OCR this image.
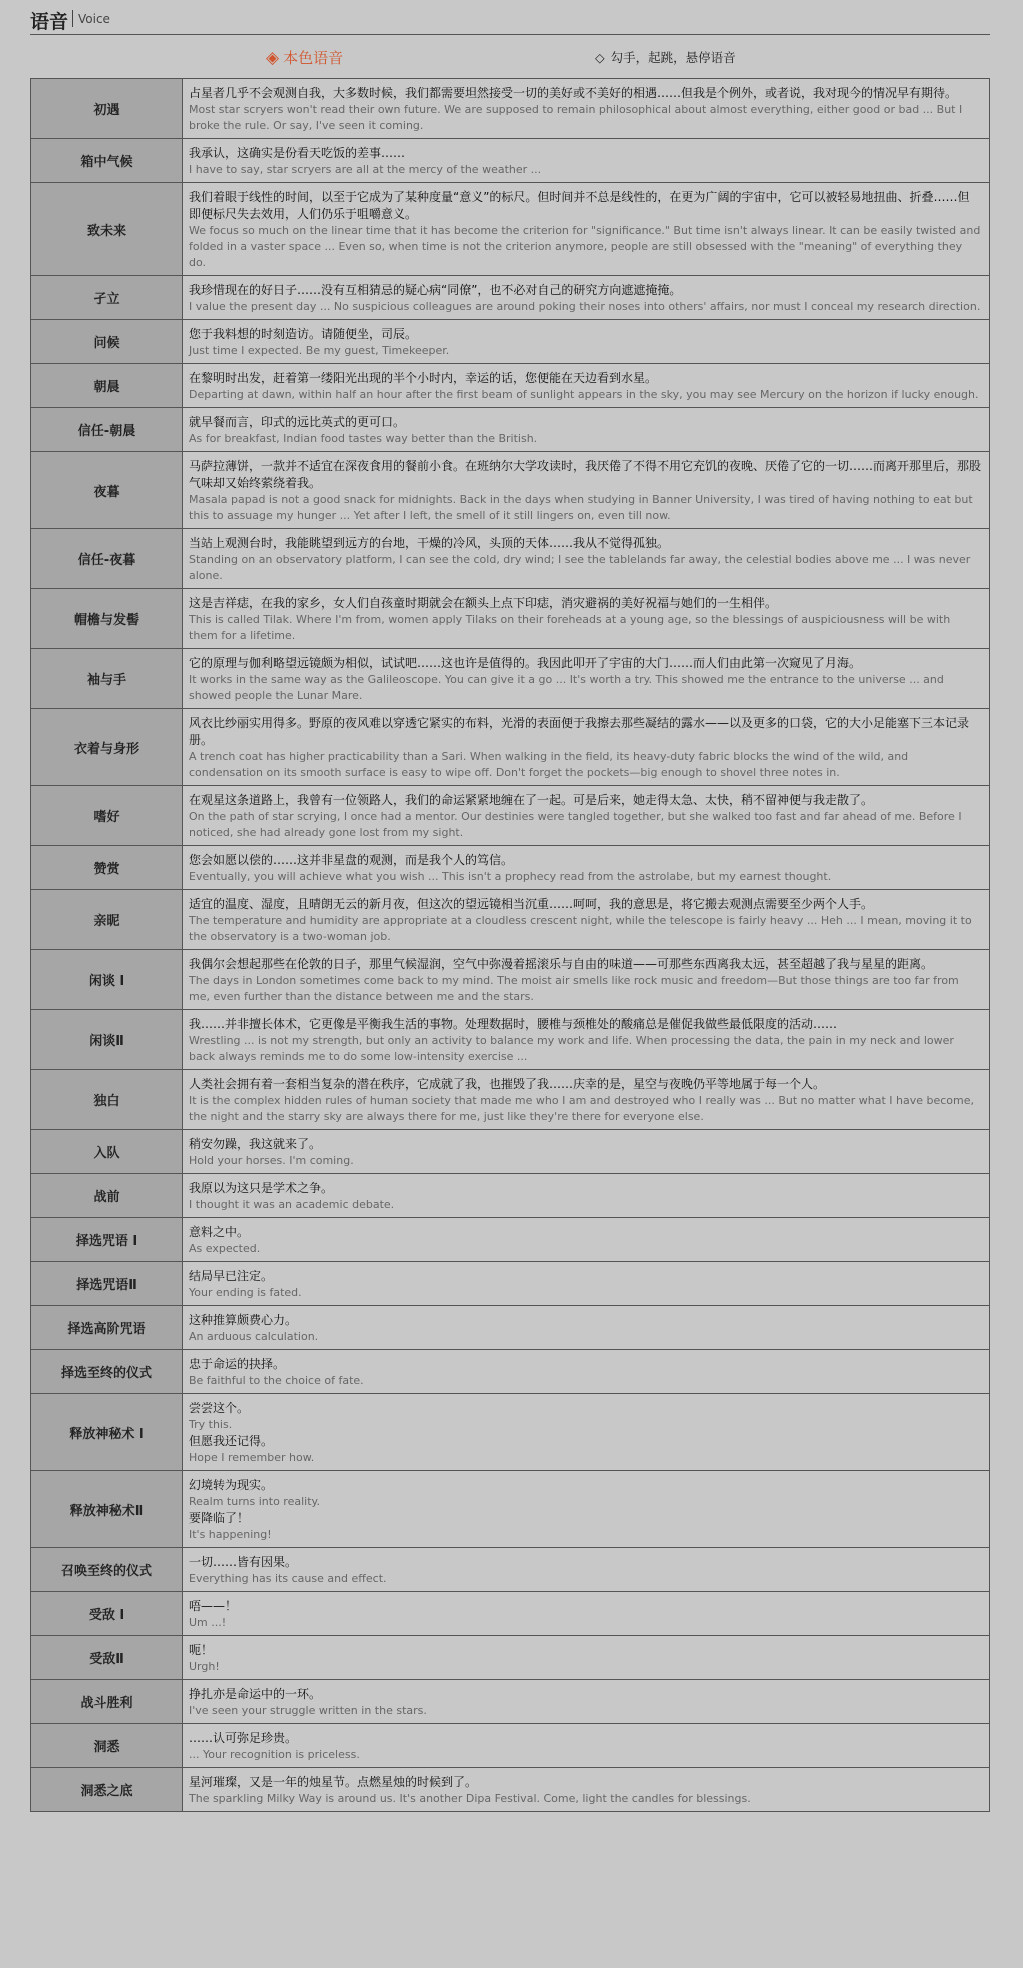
语音 Voice
◈ 本色语音	◇ 勾手，起跳，悬停语音
初遇	占星者几乎不会观测自我，大多数时候，我们都需要坦然接受一切的美好或不美好的相遇……但我是个例外，或者说，我对现今的情况早有期待。
Most star scryers won't read their own future. We are supposed to remain philosophical about almost everything, either good or bad ... But I broke the rule. Or say, I've seen it coming.

箱中气候	我承认，这确实是份看天吃饭的差事……
I have to say, star scryers are all at the mercy of the weather ...

致未来	我们着眼于线性的时间，以至于它成为了某种度量“意义”的标尺。但时间并不总是线性的，在更为广阔的宇宙中，它可以被轻易地扭曲、折叠……但即便标尺失去效用，人们仍乐于咀嚼意义。
We focus so much on the linear time that it has become the criterion for "significance." But time isn't always linear. It can be easily twisted and folded in a vaster space ... Even so, when time is not the criterion anymore, people are still obsessed with the "meaning" of everything they do.

孑立	我珍惜现在的好日子……没有互相猜忌的疑心病“同僚”，也不必对自己的研究方向遮遮掩掩。
I value the present day ... No suspicious colleagues are around poking their noses into others' affairs, nor must I conceal my research direction.

问候	您于我料想的时刻造访。请随便坐，司辰。
Just time I expected. Be my guest, Timekeeper.

朝晨	在黎明时出发，赶着第一缕阳光出现的半个小时内，幸运的话，您便能在天边看到水星。
Departing at dawn, within half an hour after the first beam of sunlight appears in the sky, you may see Mercury on the horizon if lucky enough.

信任-朝晨	就早餐而言，印式的远比英式的更可口。
As for breakfast, Indian food tastes way better than the British.

夜暮	马萨拉薄饼，一款并不适宜在深夜食用的餐前小食。在班纳尔大学攻读时，我厌倦了不得不用它充饥的夜晚、厌倦了它的一切……而离开那里后，那股气味却又始终萦绕着我。
Masala papad is not a good snack for midnights. Back in the days when studying in Banner University, I was tired of having nothing to eat but this to assuage my hunger ... Yet after I left, the smell of it still lingers on, even till now.

信任-夜暮	当站上观测台时，我能眺望到远方的台地，干燥的冷风，头顶的天体……我从不觉得孤独。
Standing on an observatory platform, I can see the cold, dry wind; I see the tablelands far away, the celestial bodies above me ... I was never alone.

帽檐与发髻	这是吉祥痣，在我的家乡，女人们自孩童时期就会在额头上点下印痣，消灾避祸的美好祝福与她们的一生相伴。
This is called Tilak. Where I'm from, women apply Tilaks on their foreheads at a young age, so the blessings of auspiciousness will be with them for a lifetime.

袖与手	它的原理与伽利略望远镜颇为相似，试试吧……这也许是值得的。我因此叩开了宇宙的大门……而人们由此第一次窥见了月海。
It works in the same way as the Galileoscope. You can give it a go ... It's worth a try. This showed me the entrance to the universe ... and showed people the Lunar Mare.

衣着与身形	风衣比纱丽实用得多。野原的夜风难以穿透它紧实的布料，光滑的表面便于我擦去那些凝结的露水——以及更多的口袋，它的大小足能塞下三本记录册。
A trench coat has higher practicability than a Sari. When walking in the field, its heavy-duty fabric blocks the wind of the wild, and condensation on its smooth surface is easy to wipe off. Don't forget the pockets—big enough to shovel three notes in.

嗜好	在观星这条道路上，我曾有一位领路人，我们的命运紧紧地缠在了一起。可是后来，她走得太急、太快，稍不留神便与我走散了。
On the path of star scrying, I once had a mentor. Our destinies were tangled together, but she walked too fast and far ahead of me. Before I noticed, she had already gone lost from my sight.

赞赏	您会如愿以偿的……这并非星盘的观测，而是我个人的笃信。
Eventually, you will achieve what you wish ... This isn't a prophecy read from the astrolabe, but my earnest thought.

亲昵	适宜的温度、湿度，且晴朗无云的新月夜，但这次的望远镜相当沉重……呵呵，我的意思是，将它搬去观测点需要至少两个人手。
The temperature and humidity are appropriate at a cloudless crescent night, while the telescope is fairly heavy ... Heh ... I mean, moving it to the observatory is a two-woman job.

闲谈 I	我偶尔会想起那些在伦敦的日子，那里气候湿润，空气中弥漫着摇滚乐与自由的味道——可那些东西离我太远，甚至超越了我与星星的距离。
The days in London sometimes come back to my mind. The moist air smells like rock music and freedom—But those things are too far from me, even further than the distance between me and the stars.

闲谈Ⅱ	我……并非擅长体术，它更像是平衡我生活的事物。处理数据时，腰椎与颈椎处的酸痛总是催促我做些最低限度的活动……
Wrestling ... is not my strength, but only an activity to balance my work and life. When processing the data, the pain in my neck and lower back always reminds me to do some low-intensity exercise ...

独白	人类社会拥有着一套相当复杂的潜在秩序，它成就了我，也摧毁了我……庆幸的是，星空与夜晚仍平等地属于每一个人。
It is the complex hidden rules of human society that made me who I am and destroyed who I really was ... But no matter what I have become, the night and the starry sky are always there for me, just like they're there for everyone else.

入队	稍安勿躁，我这就来了。
Hold your horses. I'm coming.

战前	我原以为这只是学术之争。
I thought it was an academic debate.

择选咒语 I	意料之中。
As expected.

择选咒语Ⅱ	结局早已注定。
Your ending is fated.

择选高阶咒语	这种推算颇费心力。
An arduous calculation.

择选至终的仪式	忠于命运的抉择。
Be faithful to the choice of fate.

释放神秘术 I	尝尝这个。
Try this.
但愿我还记得。
Hope I remember how.

释放神秘术Ⅱ	幻境转为现实。
Realm turns into reality.
要降临了！
It's happening!

召唤至终的仪式	一切……皆有因果。
Everything has its cause and effect.

受敌 I	唔——！
Um ...!

受敌Ⅱ	呃！
Urgh!

战斗胜利	挣扎亦是命运中的一环。
I've seen your struggle written in the stars.

洞悉	……认可弥足珍贵。
... Your recognition is priceless.

洞悉之底	星河璀璨，又是一年的烛星节。点燃星烛的时候到了。
The sparkling Milky Way is around us. It's another Dipa Festival. Come, light the candles for blessings.
